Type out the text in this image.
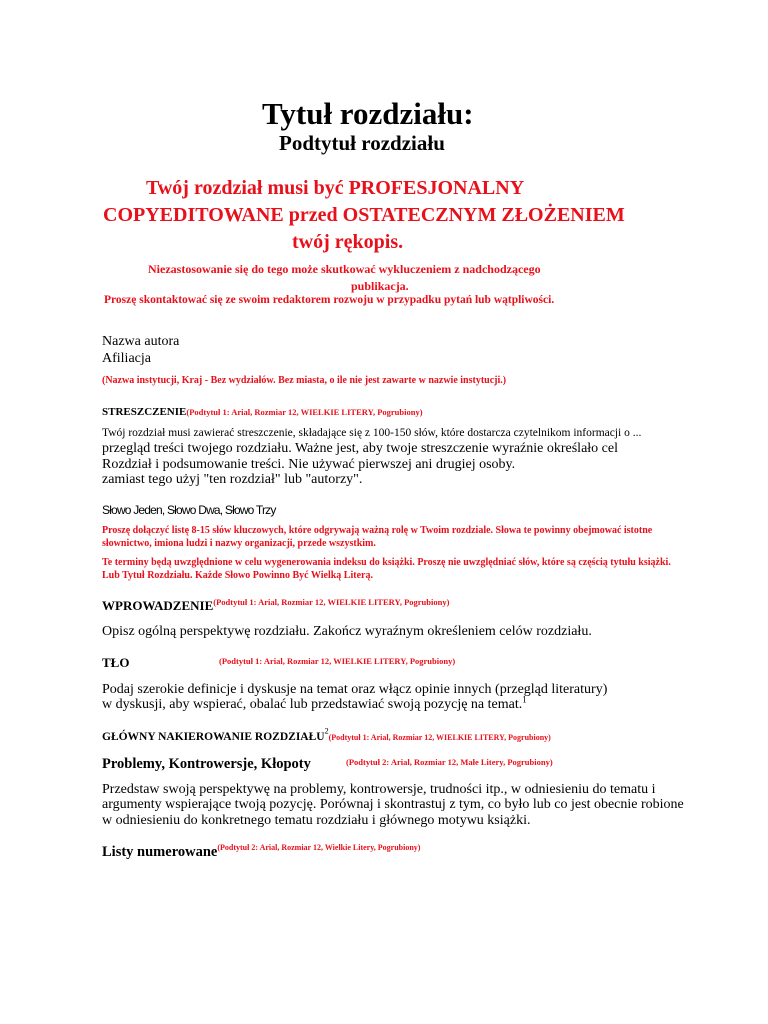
Tytuł rozdziału:
Podtytuł rozdziału
Twój rozdział musi być PROFESJONALNY
COPYEDITOWANE przed OSTATECZNYM ZŁOŻENIEM
twój rękopis.
Niezastosowanie się do tego może skutkować wykluczeniem z nadchodzącego
publikacja.
Proszę skontaktować się ze swoim redaktorem rozwoju w przypadku pytań lub wątpliwości.
Nazwa autora
Afiliacja
(Nazwa instytucji, Kraj - Bez wydziałów. Bez miasta, o ile nie jest zawarte w nazwie instytucji.)
STRESZCZENIE(Podtytuł 1: Arial, Rozmiar 12, WIELKIE LITERY, Pogrubiony)
Twój rozdział musi zawierać streszczenie, składające się z 100-150 słów, które dostarcza czytelnikom informacji o ...
przegląd treści twojego rozdziału. Ważne jest, aby twoje streszczenie wyraźnie określało cel
Rozdział i podsumowanie treści. Nie używać pierwszej ani drugiej osoby.
zamiast tego użyj "ten rozdział" lub "autorzy".
Słowo Jeden, Słowo Dwa, Słowo Trzy
Proszę dołączyć listę 8-15 słów kluczowych, które odgrywają ważną rolę w Twoim rozdziale. Słowa te powinny obejmować istotne
słownictwo, imiona ludzi i nazwy organizacji, przede wszystkim.
Te terminy będą uwzględnione w celu wygenerowania indeksu do książki. Proszę nie uwzględniać słów, które są częścią tytułu książki.
Lub Tytuł Rozdziału. Każde Słowo Powinno Być Wielką Literą.
WPROWADZENIE$^{(Podtytuł 1: Arial, Rozmiar 12, WIELKIE LITERY, Pogrubiony)}$
Opisz ogólną perspektywę rozdziału. Zakończ wyraźnym określeniem celów rozdziału.
TŁO	(Podtytuł 1: Arial, Rozmiar 12, WIELKIE LITERY, Pogrubiony)
Podaj szerokie definicje i dyskusje na temat oraz włącz opinie innych (przegląd literatury)
w dyskusji, aby wspierać, obalać lub przedstawiać swoją pozycję na temat.$^1$
GŁÓWNY NAKIEROWANIE ROZDZIAŁU$^2$(Podtytuł 1: Arial, Rozmiar 12, WIELKIE LITERY, Pogrubiony)
Problemy, Kontrowersje, Kłopoty	(Podtytuł 2: Arial, Rozmiar 12, Małe Litery, Pogrubiony)
Przedstaw swoją perspektywę na problemy, kontrowersje, trudności itp., w odniesieniu do tematu i
argumenty wspierające twoją pozycję. Porównaj i skontrastuj z tym, co było lub co jest obecnie robione
w odniesieniu do konkretnego tematu rozdziału i głównego motywu książki.
Listy numerowane$^{(Podtytuł 2: Arial, Rozmiar 12, Wielkie Litery, Pogrubiony)}$
